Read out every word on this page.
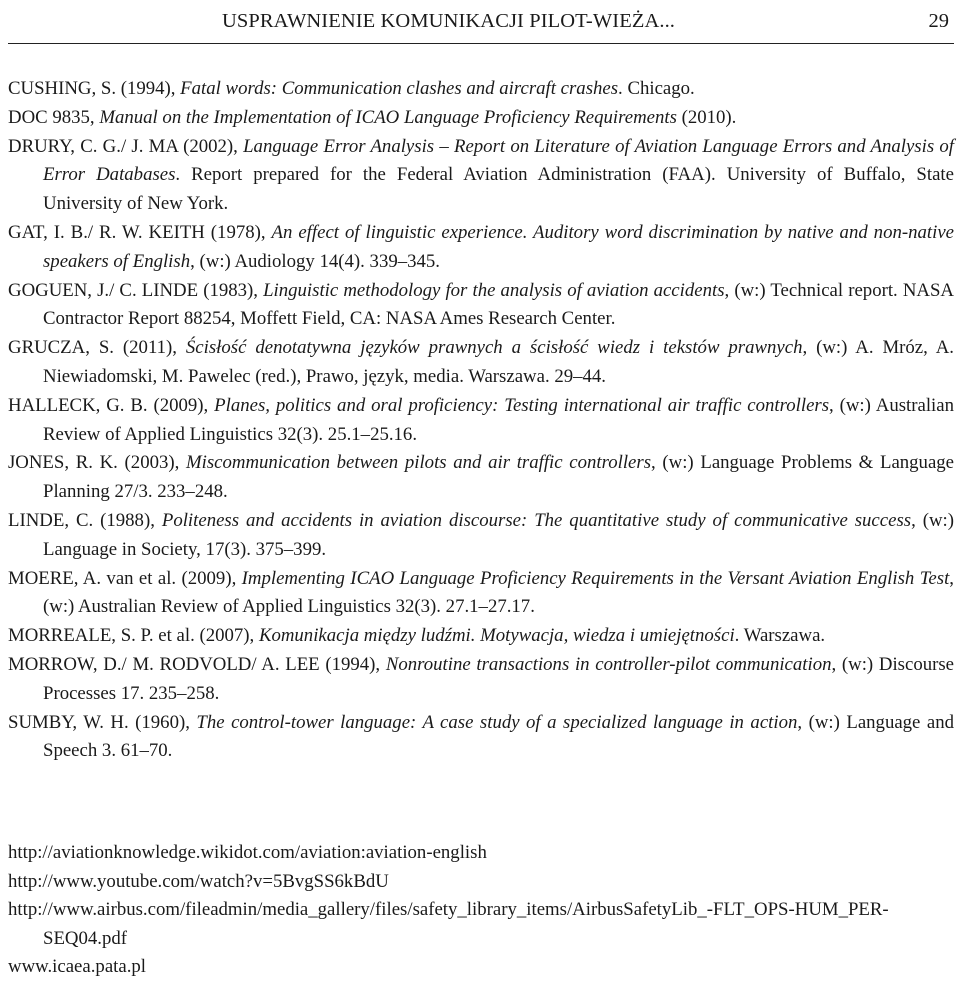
USPRAWNIENIE KOMUNIKACJI PILOT-WIEŻA...	29

CUSHING, S. (1994), Fatal words: Communication clashes and aircraft crashes. Chicago.

DOC 9835, Manual on the Implementation of ICAO Language Proficiency Requirements (2010).

DRURY, C. G./ J. MA (2002), Language Error Analysis – Report on Literature of Aviation Language Errors and Analysis of Error Databases. Report prepared for the Federal Aviation Administration (FAA). University of Buffalo, State University of New York.

GAT, I. B./ R. W. KEITH (1978), An effect of linguistic experience. Auditory word discrimination by native and non-native speakers of English, (w:) Audiology 14(4). 339–345.

GOGUEN, J./ C. LINDE (1983), Linguistic methodology for the analysis of aviation accidents, (w:) Technical report. NASA Contractor Report 88254, Moffett Field, CA: NASA Ames Research Center.

GRUCZA, S. (2011), Ścisłość denotatywna języków prawnych a ścisłość wiedz i tekstów prawnych, (w:) A. Mróz, A. Niewiadomski, M. Pawelec (red.), Prawo, język, media. Warszawa. 29–44.

HALLECK, G. B. (2009), Planes, politics and oral proficiency: Testing international air traffic controllers, (w:) Australian Review of Applied Linguistics 32(3). 25.1–25.16.

JONES, R. K. (2003), Miscommunication between pilots and air traffic controllers, (w:) Language Problems & Language Planning 27/3. 233–248.

LINDE, C. (1988), Politeness and accidents in aviation discourse: The quantitative study of communicative success, (w:) Language in Society, 17(3). 375–399.

MOERE, A. van et al. (2009), Implementing ICAO Language Proficiency Requirements in the Versant Aviation English Test, (w:) Australian Review of Applied Linguistics 32(3). 27.1–27.17.

MORREALE, S. P. et al. (2007), Komunikacja między ludźmi. Motywacja, wiedza i umiejętności. Warszawa.

MORROW, D./ M. RODVOLD/ A. LEE (1994), Nonroutine transactions in controller-pilot communication, (w:) Discourse Processes 17. 235–258.

SUMBY, W. H. (1960), The control-tower language: A case study of a specialized language in action, (w:) Language and Speech 3. 61–70.

http://aviationknowledge.wikidot.com/aviation:aviation-english

http://www.youtube.com/watch?v=5BvgSS6kBdU

http://www.airbus.com/fileadmin/media_gallery/files/safety_library_items/AirbusSafetyLib_-FLT_OPS-HUM_PER-SEQ04.pdf

www.icaea.pata.pl
